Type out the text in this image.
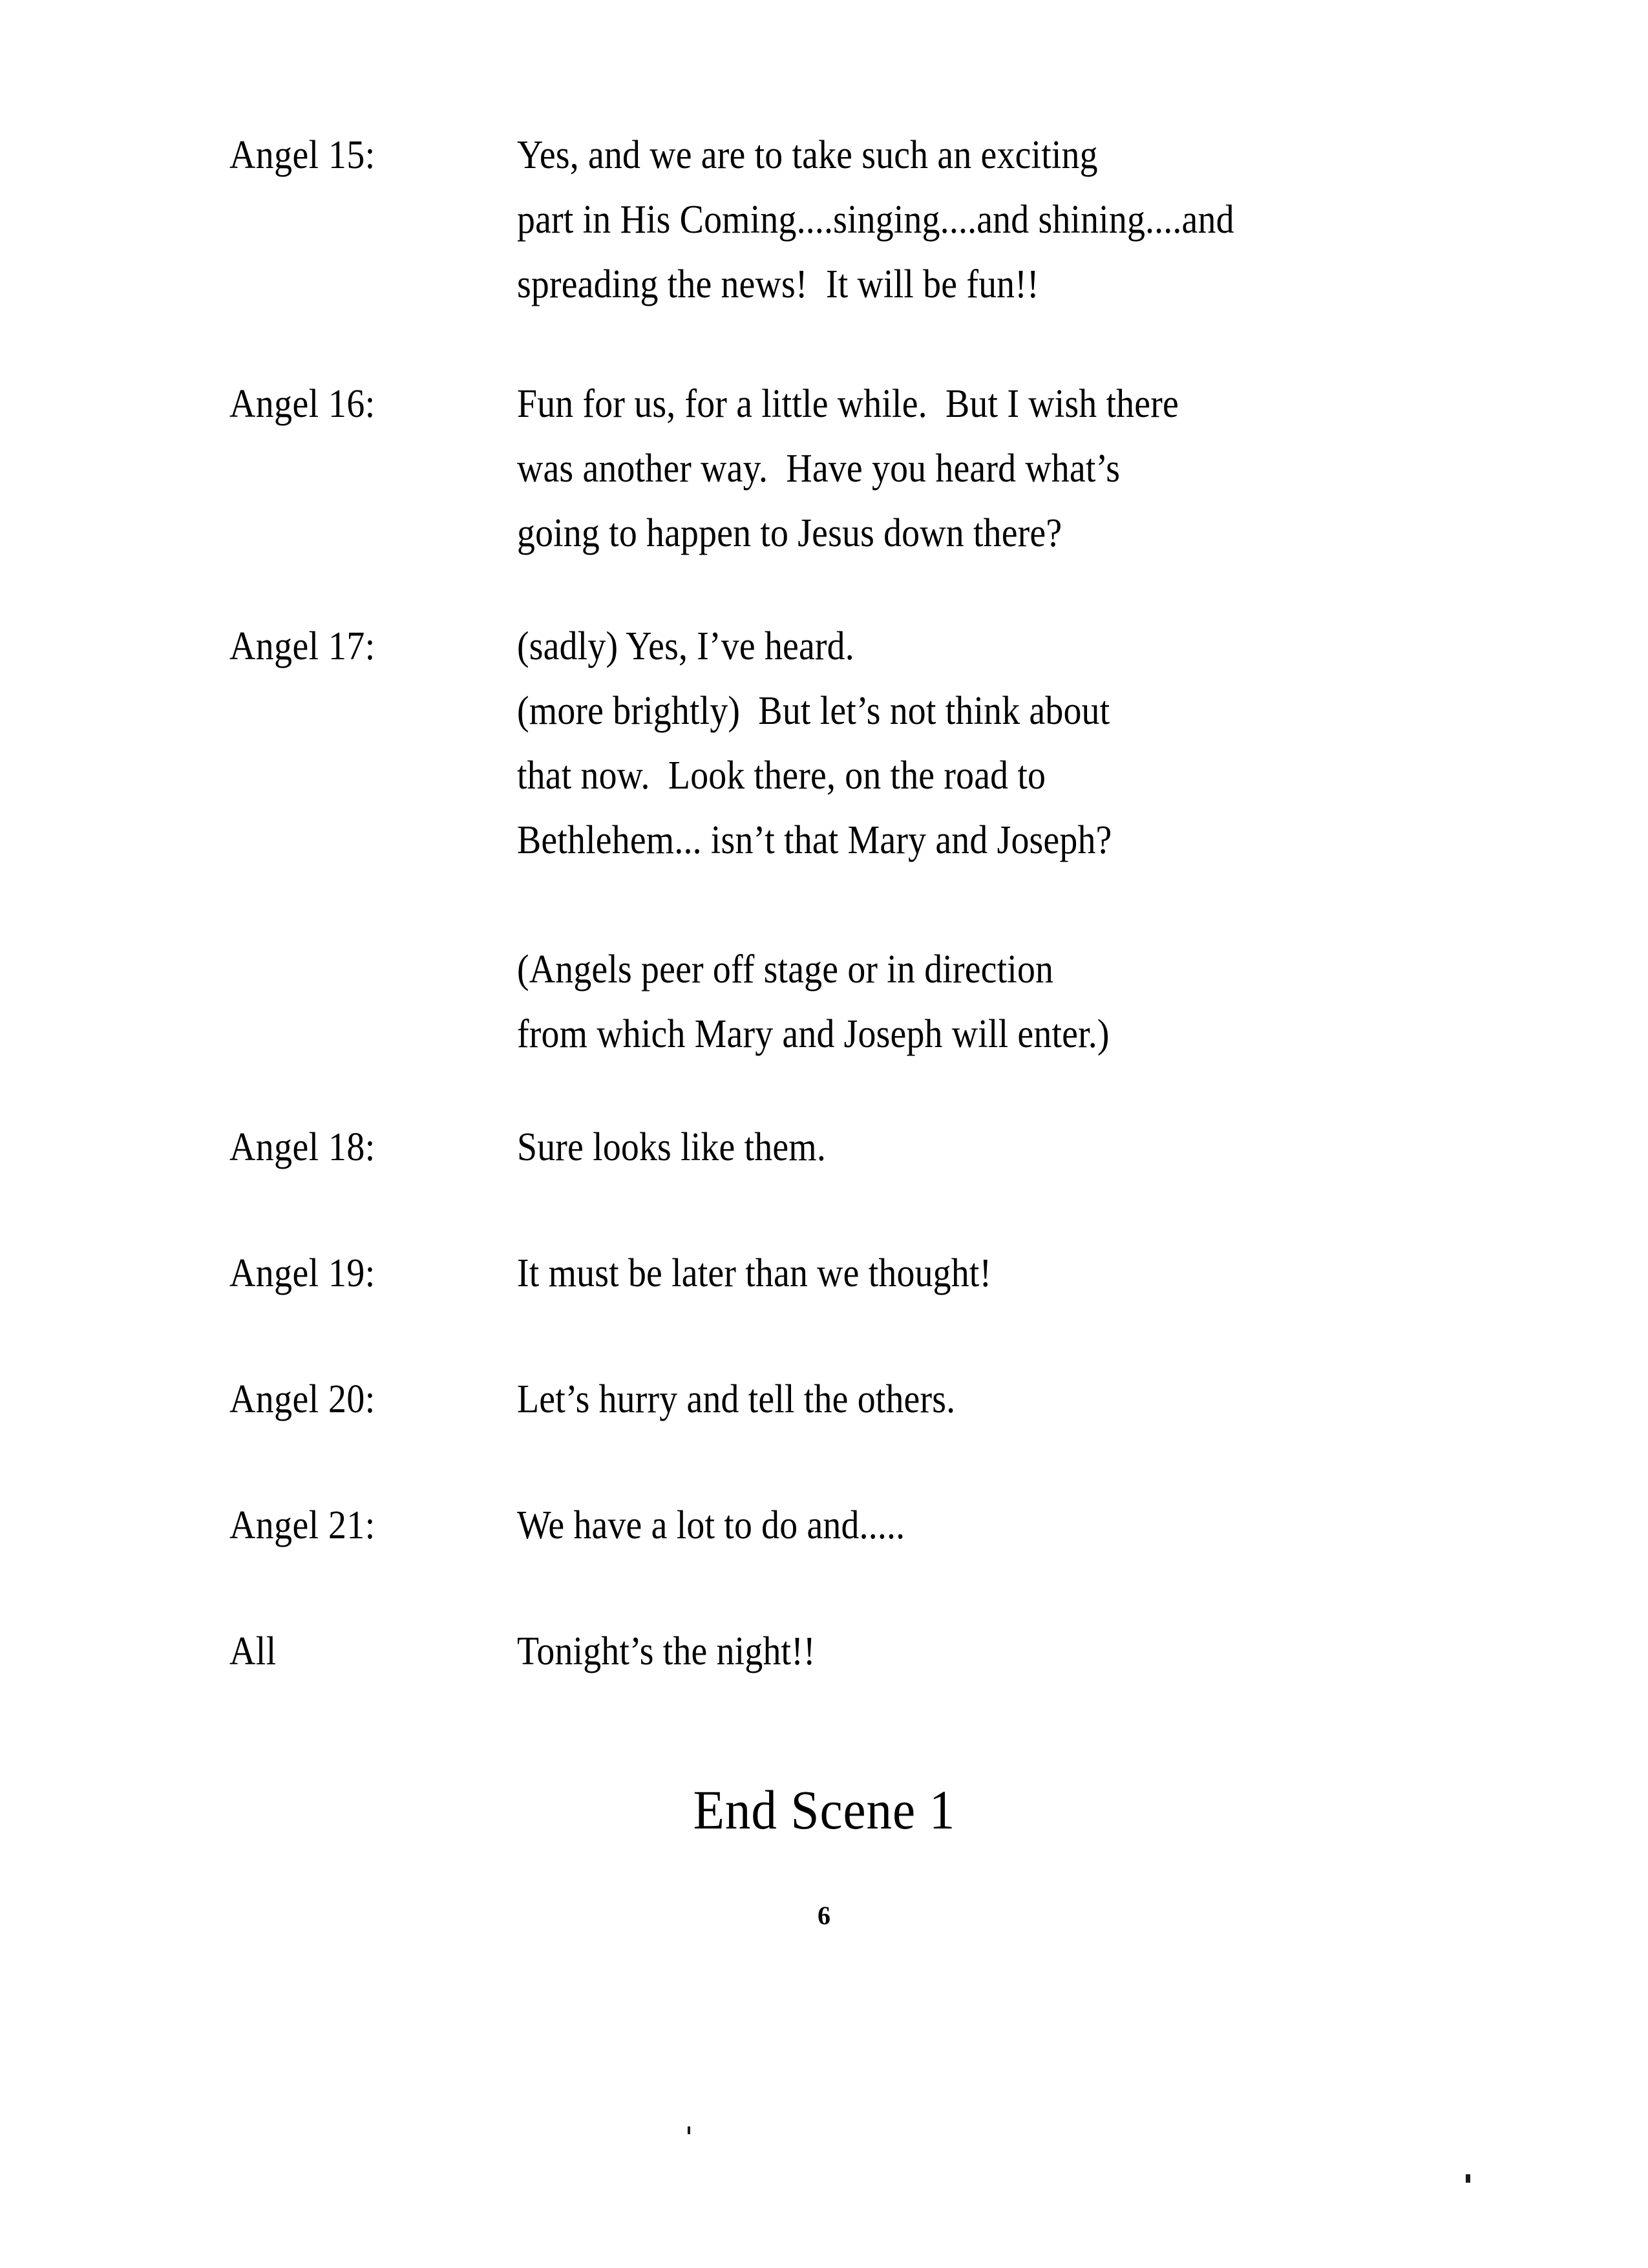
Angel 15:	Yes, and we are to take such an exciting
part in His Coming....singing....and shining....and
spreading the news!  It will be fun!!
Angel 16:	Fun for us, for a little while.  But I wish there
was another way.  Have you heard what’s
going to happen to Jesus down there?
Angel 17:	(sadly) Yes, I’ve heard.
(more brightly)  But let’s not think about
that now.  Look there, on the road to
Bethlehem... isn’t that Mary and Joseph?
(Angels peer off stage or in direction
from which Mary and Joseph will enter.)
Angel 18:	Sure looks like them.
Angel 19:	It must be later than we thought!
Angel 20:	Let’s hurry and tell the others.
Angel 21:	We have a lot to do and.....
All	Tonight’s the night!!
End Scene 1
6
